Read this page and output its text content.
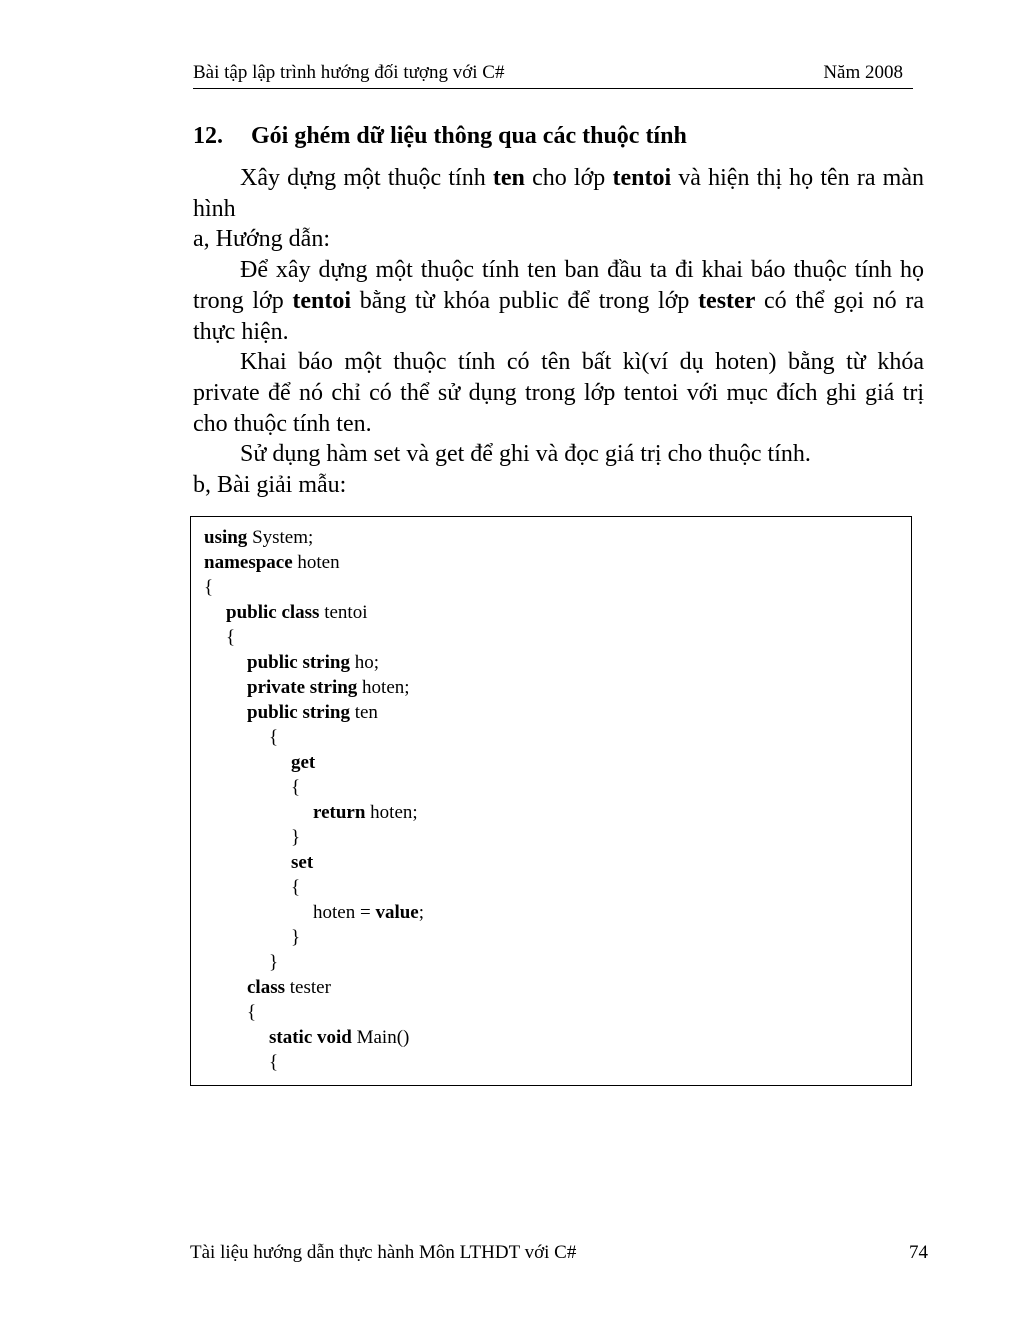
Bài tập lập trình hướng đối tượng với C#	Năm 2008
12. Gói ghém dữ liệu thông qua các thuộc tính

Xây dựng một thuộc tính ten cho lớp tentoi và hiện thị họ tên ra màn hình

a, Hướng dẫn:

Để xây dựng một thuộc tính ten ban đầu ta đi khai báo thuộc tính họ trong lớp tentoi bằng từ khóa public để trong lớp tester có thể gọi nó ra thực hiện.

Khai báo một thuộc tính có tên bất kì(ví dụ hoten) bằng từ khóa private để nó chỉ có thể sử dụng trong lớp tentoi với mục đích ghi giá trị cho thuộc tính ten.

Sử dụng hàm set và get để ghi và đọc giá trị cho thuộc tính.

b, Bài giải mẫu:

using System;
namespace hoten
{
public class tentoi
{
public string ho;
private string hoten;
public string ten
{
get
{
return hoten;
}
set
{
hoten = value;
}
}
class tester
{
static void Main()
{
Tài liệu hướng dẫn thực hành Môn LTHDT với C#	74
